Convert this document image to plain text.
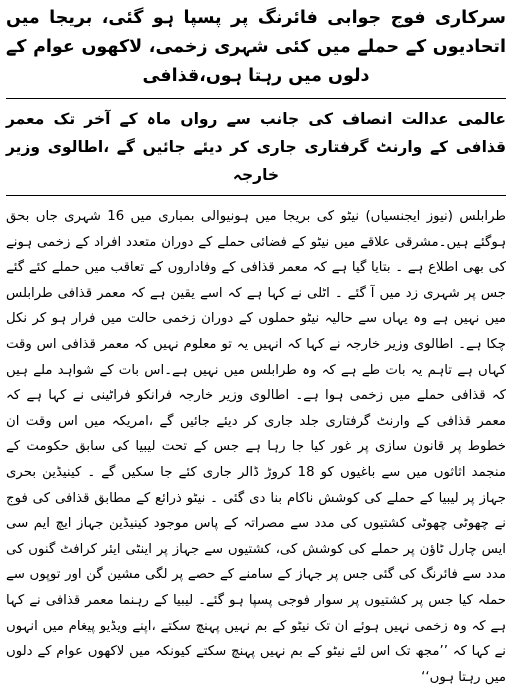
سرکاری فوج جوابی فائرنگ پر پسپا ہو گئی، بریجا میں اتحادیوں کے حملے میں کئی شہری زخمی، لاکھوں عوام کے دلوں میں رہتا ہوں،قذافی
عالمی عدالت انصاف کی جانب سے رواں ماہ کے آخر تک معمر قذافی کے وارنٹ گرفتاری جاری کر دیئے جائیں گے ،اطالوی وزیر خارجہ

طرابلس (نیوز ایجنسیاں) نیٹو کی بریجا میں ہونیوالی بمباری میں 16 شہری جاں بحق ہوگئے ہیں۔مشرقی علاقے میں نیٹو کے فضائی حملے کے دوران متعدد افراد کے زخمی ہونے کی بھی اطلاع ہے ۔ بتایا گیا ہے کہ معمر قذافی کے وفاداروں کے تعاقب میں حملے کئے گئے جس پر شہری زد میں آ گئے ۔ اٹلی نے کہا ہے کہ اسے یقین ہے کہ معمر قذافی طرابلس میں نہیں ہے وہ یہاں سے حالیہ نیٹو حملوں کے دوران زخمی حالت میں فرار ہو کر نکل چکا ہے۔ اطالوی وزیر خارجہ نے کہا کہ انہیں یہ تو معلوم نہیں کہ معمر قذافی اس وقت کہاں ہے تاہم یہ بات طے ہے کہ وہ طرابلس میں نہیں ہے۔اس بات کے شواہد ملے ہیں کہ قذافی حملے میں زخمی ہوا ہے۔ اطالوی وزیر خارجہ فرانکو فراٹینی نے کہا ہے کہ معمر قذافی کے وارنٹ گرفتاری جلد جاری کر دیئے جائیں گے ،امریکہ میں اس وقت ان خطوط پر قانون سازی پر غور کیا جا رہا ہے جس کے تحت لیبیا کی سابق حکومت کے منجمد اثاثوں میں سے باغیوں کو 18 کروڑ ڈالر جاری کئے جا سکیں گے ۔ کینیڈین بحری جہاز پر لیبیا کے حملے کی کوشش ناکام بنا دی گئی ۔ نیٹو ذرائع کے مطابق قذافی کی فوج نے چھوٹی چھوٹی کشتیوں کی مدد سے مصراتہ کے پاس موجود کینیڈین جہاز ایچ ایم سی ایس چارل ٹاؤن پر حملے کی کوشش کی، کشتیوں سے جہاز پر اینٹی ایئر کرافٹ گنوں کی مدد سے فائرنگ کی گئی جس پر جہاز کے سامنے کے حصے پر لگی مشین گن اور توپوں سے حملہ کیا جس پر کشتیوں پر سوار فوجی پسپا ہو گئے۔ لیبیا کے رہنما معمر قذافی نے کہا ہے کہ وہ زخمی نہیں ہوئے ان تک نیٹو کے بم نہیں پہنچ سکتے ،اپنے ویڈیو پیغام میں انہوں نے کہا کہ ’’مجھ تک اس لئے نیٹو کے بم نہیں پہنچ سکتے کیونکہ میں لاکھوں عوام کے دلوں میں رہتا ہوں‘‘
